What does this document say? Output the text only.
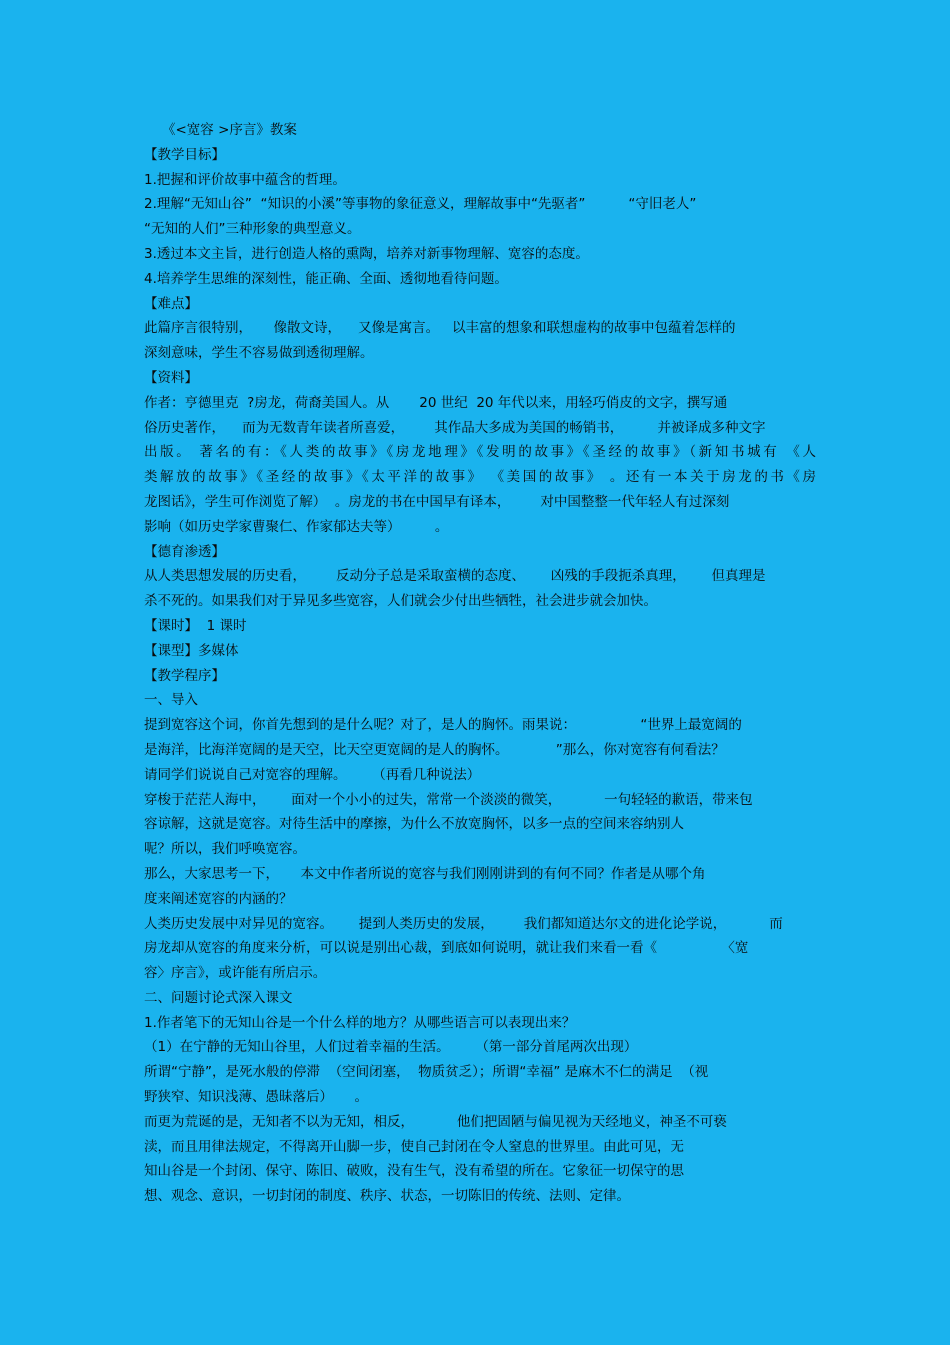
《<宽容 >序言》教案
【教学目标】
1.把握和评价故事中蕴含的哲理。
2.理解“无知山谷”  “知识的小溪”等事物的象征意义，理解故事中“先驱者”          “守旧老人”
“无知的人们”三种形象的典型意义。
3.透过本文主旨，进行创造人格的熏陶，培养对新事物理解、宽容的态度。
4.培养学生思维的深刻性，能正确、全面、透彻地看待问题。
【难点】
此篇序言很特别，     像散文诗，    又像是寓言。   以丰富的想象和联想虚构的故事中包蕴着怎样的
深刻意味，学生不容易做到透彻理解。
【资料】
作者：亨德里克  ?房龙，荷裔美国人。从       20 世纪  20 年代以来，用轻巧俏皮的文字，撰写通
俗历史著作，    而为无数青年读者所喜爱，       其作品大多成为美国的畅销书，        并被译成多种文字
出版。 著名的有：《人类的故事》《房龙地理》《发明的故事》《圣经的故事》（新知书城有 《人
类解放的故事》《圣经的故事》《太平洋的故事》 《美国的故事》 。还有一本关于房龙的书《房
龙图话》，学生可作浏览了解）  。房龙的书在中国早有译本，       对中国整整一代年轻人有过深刻
影响（如历史学家曹聚仁、作家郁达夫等）        。
【德育渗透】
从人类思想发展的历史看，       反动分子总是采取蛮横的态度、      凶残的手段扼杀真理，      但真理是
杀不死的。如果我们对于异见多些宽容，人们就会少付出些牺牲，社会进步就会加快。
【课时】  1 课时
【课型】多媒体
【教学程序】
一、导入
提到宽容这个词，你首先想到的是什么呢？对了，是人的胸怀。雨果说：               “世界上最宽阔的
是海洋，比海洋宽阔的是天空，比天空更宽阔的是人的胸怀。           ”那么，你对宽容有何看法？
请同学们说说自己对宽容的理解。      （再看几种说法）
穿梭于茫茫人海中，      面对一个小小的过失，常常一个淡淡的微笑，          一句轻轻的歉语，带来包
容谅解，这就是宽容。对待生活中的摩擦，为什么不放宽胸怀，以多一点的空间来容纳别人
呢？所以，我们呼唤宽容。
那么，大家思考一下，     本文中作者所说的宽容与我们刚刚讲到的有何不同？作者是从哪个角
度来阐述宽容的内涵的？
人类历史发展中对异见的宽容。      提到人类历史的发展，       我们都知道达尔文的进化论学说，          而
房龙却从宽容的角度来分析，可以说是别出心裁，到底如何说明，就让我们来看一看《               〈宽
容〉序言》，或许能有所启示。
二、问题讨论式深入课文
1.作者笔下的无知山谷是一个什么样的地方？从哪些语言可以表现出来？
（1）在宁静的无知山谷里，人们过着幸福的生活。      （第一部分首尾两次出现）
所谓“宁静”，是死水般的停滞  （空间闭塞，  物质贫乏）；所谓“幸福” 是麻木不仁的满足  （视
野狭窄、知识浅薄、愚昧落后）     。
而更为荒诞的是，无知者不以为无知，相反，          他们把固陋与偏见视为天经地义，神圣不可亵
渎，而且用律法规定，不得离开山脚一步，使自己封闭在令人窒息的世界里。由此可见，无
知山谷是一个封闭、保守、陈旧、破败，没有生气，没有希望的所在。它象征一切保守的思
想、观念、意识，一切封闭的制度、秩序、状态，一切陈旧的传统、法则、定律。
